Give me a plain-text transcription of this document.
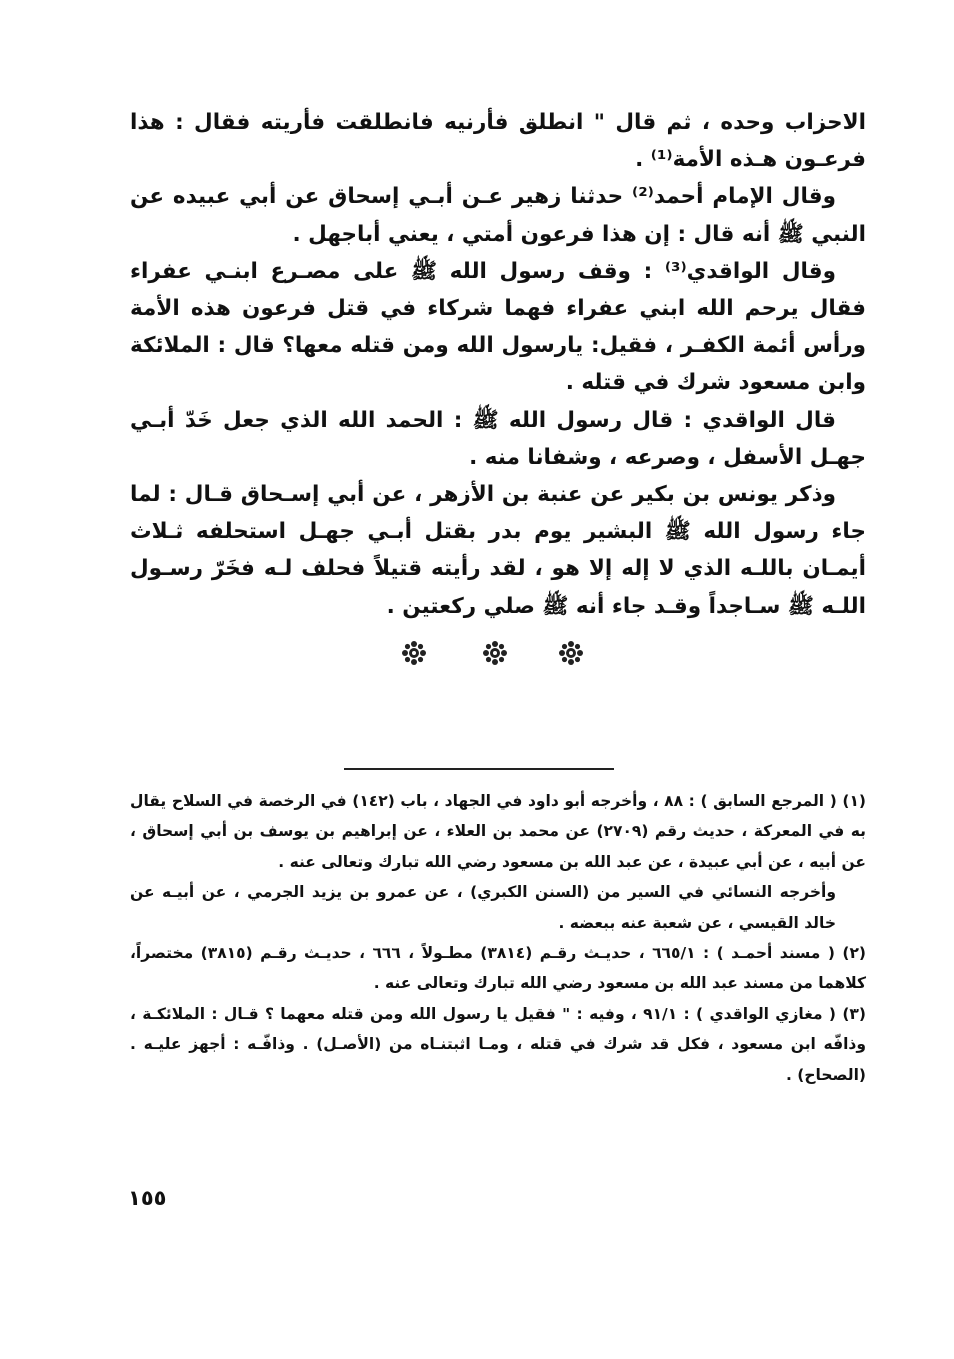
الاحزاب وحده ، ثم قال " انطلق فأرنيه فانطلقت فأريته فقال : هذا فرعـون هـذه الأمة⁽¹⁾ .

وقال الإمام أحمد⁽²⁾ حدثنا زهير عـن أبـي إسحاق عن أبي عبيده عن النبي ﷺ أنه قال : إن هذا فرعون أمتي ، يعني أباجهل .

وقال الواقدي⁽³⁾ : وقف رسول الله ﷺ على مصـرع ابنـي عفراء فقال يرحم الله ابني عفراء فهما شركاء في قتل فرعون هذه الأمة ورأس أئمة الكفـر ، فقيل: يارسول الله ومن قتله معها؟ قال : الملائكة وابن مسعود شرك في قتله .

قال الواقدي : قال رسول الله ﷺ : الحمد الله الذي جعل خَدّ أبـي جهـل الأسفل ، وصرعه ، وشفانا منه .

وذكر يونس بن بكير عن عنبة بن الأزهر ، عن أبي إسـحاق قـال : لما جاء رسول الله ﷺ البشير يوم بدر بقتل أبـي جهـل استحلفه ثـلاث أيمـان باللـه الذي لا إله إلا هو ، لقد رأيته قتيلاً فحلف لـه فخَرّ رسـول اللـه ﷺ سـاجداً وقـد جاء أنه ﷺ صلي ركعتين .

(١) ( المرجع السابق ) : ٨٨ ، وأخرجه أبو داود في الجهاد ، باب (١٤٢) في الرخصة في السلاح يقال به في المعركة ، حديث رقم (٢٧٠٩) عن محمد بن العلاء ، عن إبراهيم بن يوسف بن أبي إسحاق ، عن أبيه ، عن أبي عبيدة ، عن عبد الله بن مسعود رضي الله تبارك وتعالى عنه .

وأخرجه النسائي في السير من (السنن الكبري) ، عن عمرو بن يزيد الجرمي ، عن أبيـه عن خالد القيسي ، عن شعبة عنه ببعضه .

(٢) ( مسند أحمـد ) : ٦٦٥/١ ، حديـث رقـم (٣٨١٤) مطـولاً ، ٦٦٦ ، حديـث رقـم (٣٨١٥) مختصراً، كلاهما من مسند عبد الله بن مسعود رضي الله تبارك وتعالى عنه .

(٣) ( مغازي الواقدي ) : ٩١/١ ، وفيه : " فقيل يا رسول الله ومن قتله معهما ؟ قـال : الملائكـة ، وذافّه ابن مسعود ، فكل قد شرك في قتله ، ومـا اثبتنـاه من (الأصـل) . وذافّـه : أجهز عليـه . (الصحاح) .

١٥٥
